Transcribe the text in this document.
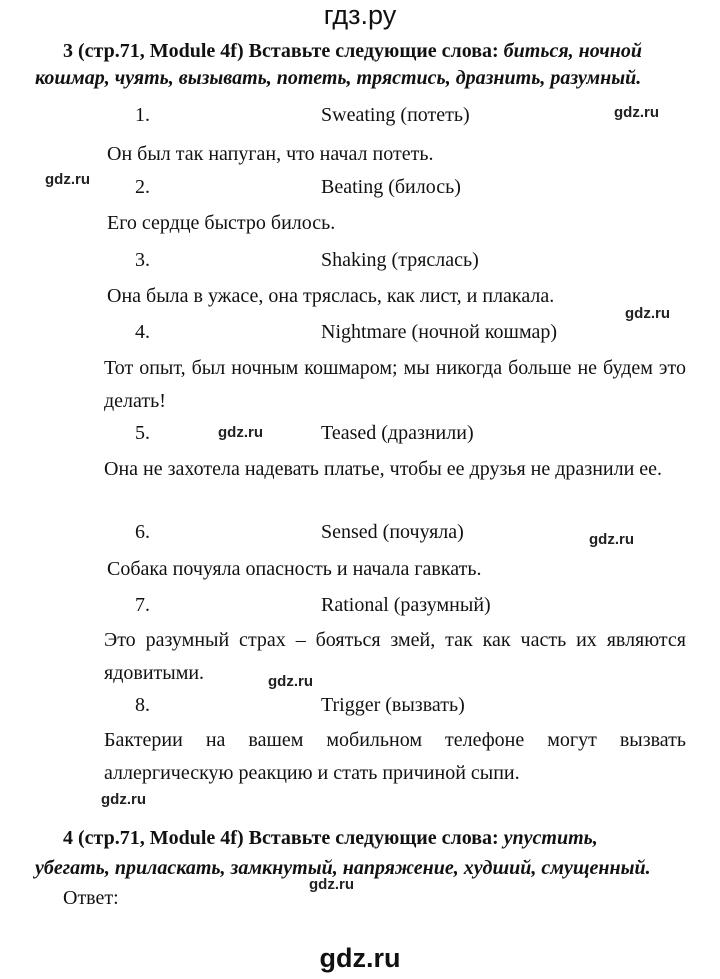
гдз.ру
3 (стр.71, Module 4f) Вставьте следующие слова: биться, ночной
кошмар, чуять, вызывать, потеть, трястись, дразнить, разумный.
1.	Sweating (потеть)
Он был так напуган, что начал потеть.
2.	Beating (билось)
Его сердце быстро билось.
3.	Shaking (тряслась)
Она была в ужасе, она тряслась, как лист, и плакала.
4.	Nightmare (ночной кошмар)
Тот опыт, был ночным кошмаром; мы никогда больше не будем это делать!
5.	Teased (дразнили)
Она не захотела надевать платье, чтобы ее друзья не дразнили ее.
6.	Sensed (почуяла)
Собака почуяла опасность и начала гавкать.
7.	Rational (разумный)
Это разумный страх – бояться змей, так как часть их являются ядовитыми.
8.	Trigger (вызвать)
Бактерии на вашем мобильном телефоне могут вызвать аллергическую реакцию и стать причиной сыпи.
4 (стр.71, Module 4f) Вставьте следующие слова: упустить,
убегать, приласкать, замкнутый, напряжение, худший, смущенный.
Ответ:
gdz.ru
gdz.ru
gdz.ru
gdz.ru
gdz.ru
gdz.ru
gdz.ru
gdz.ru
gdz.ru
